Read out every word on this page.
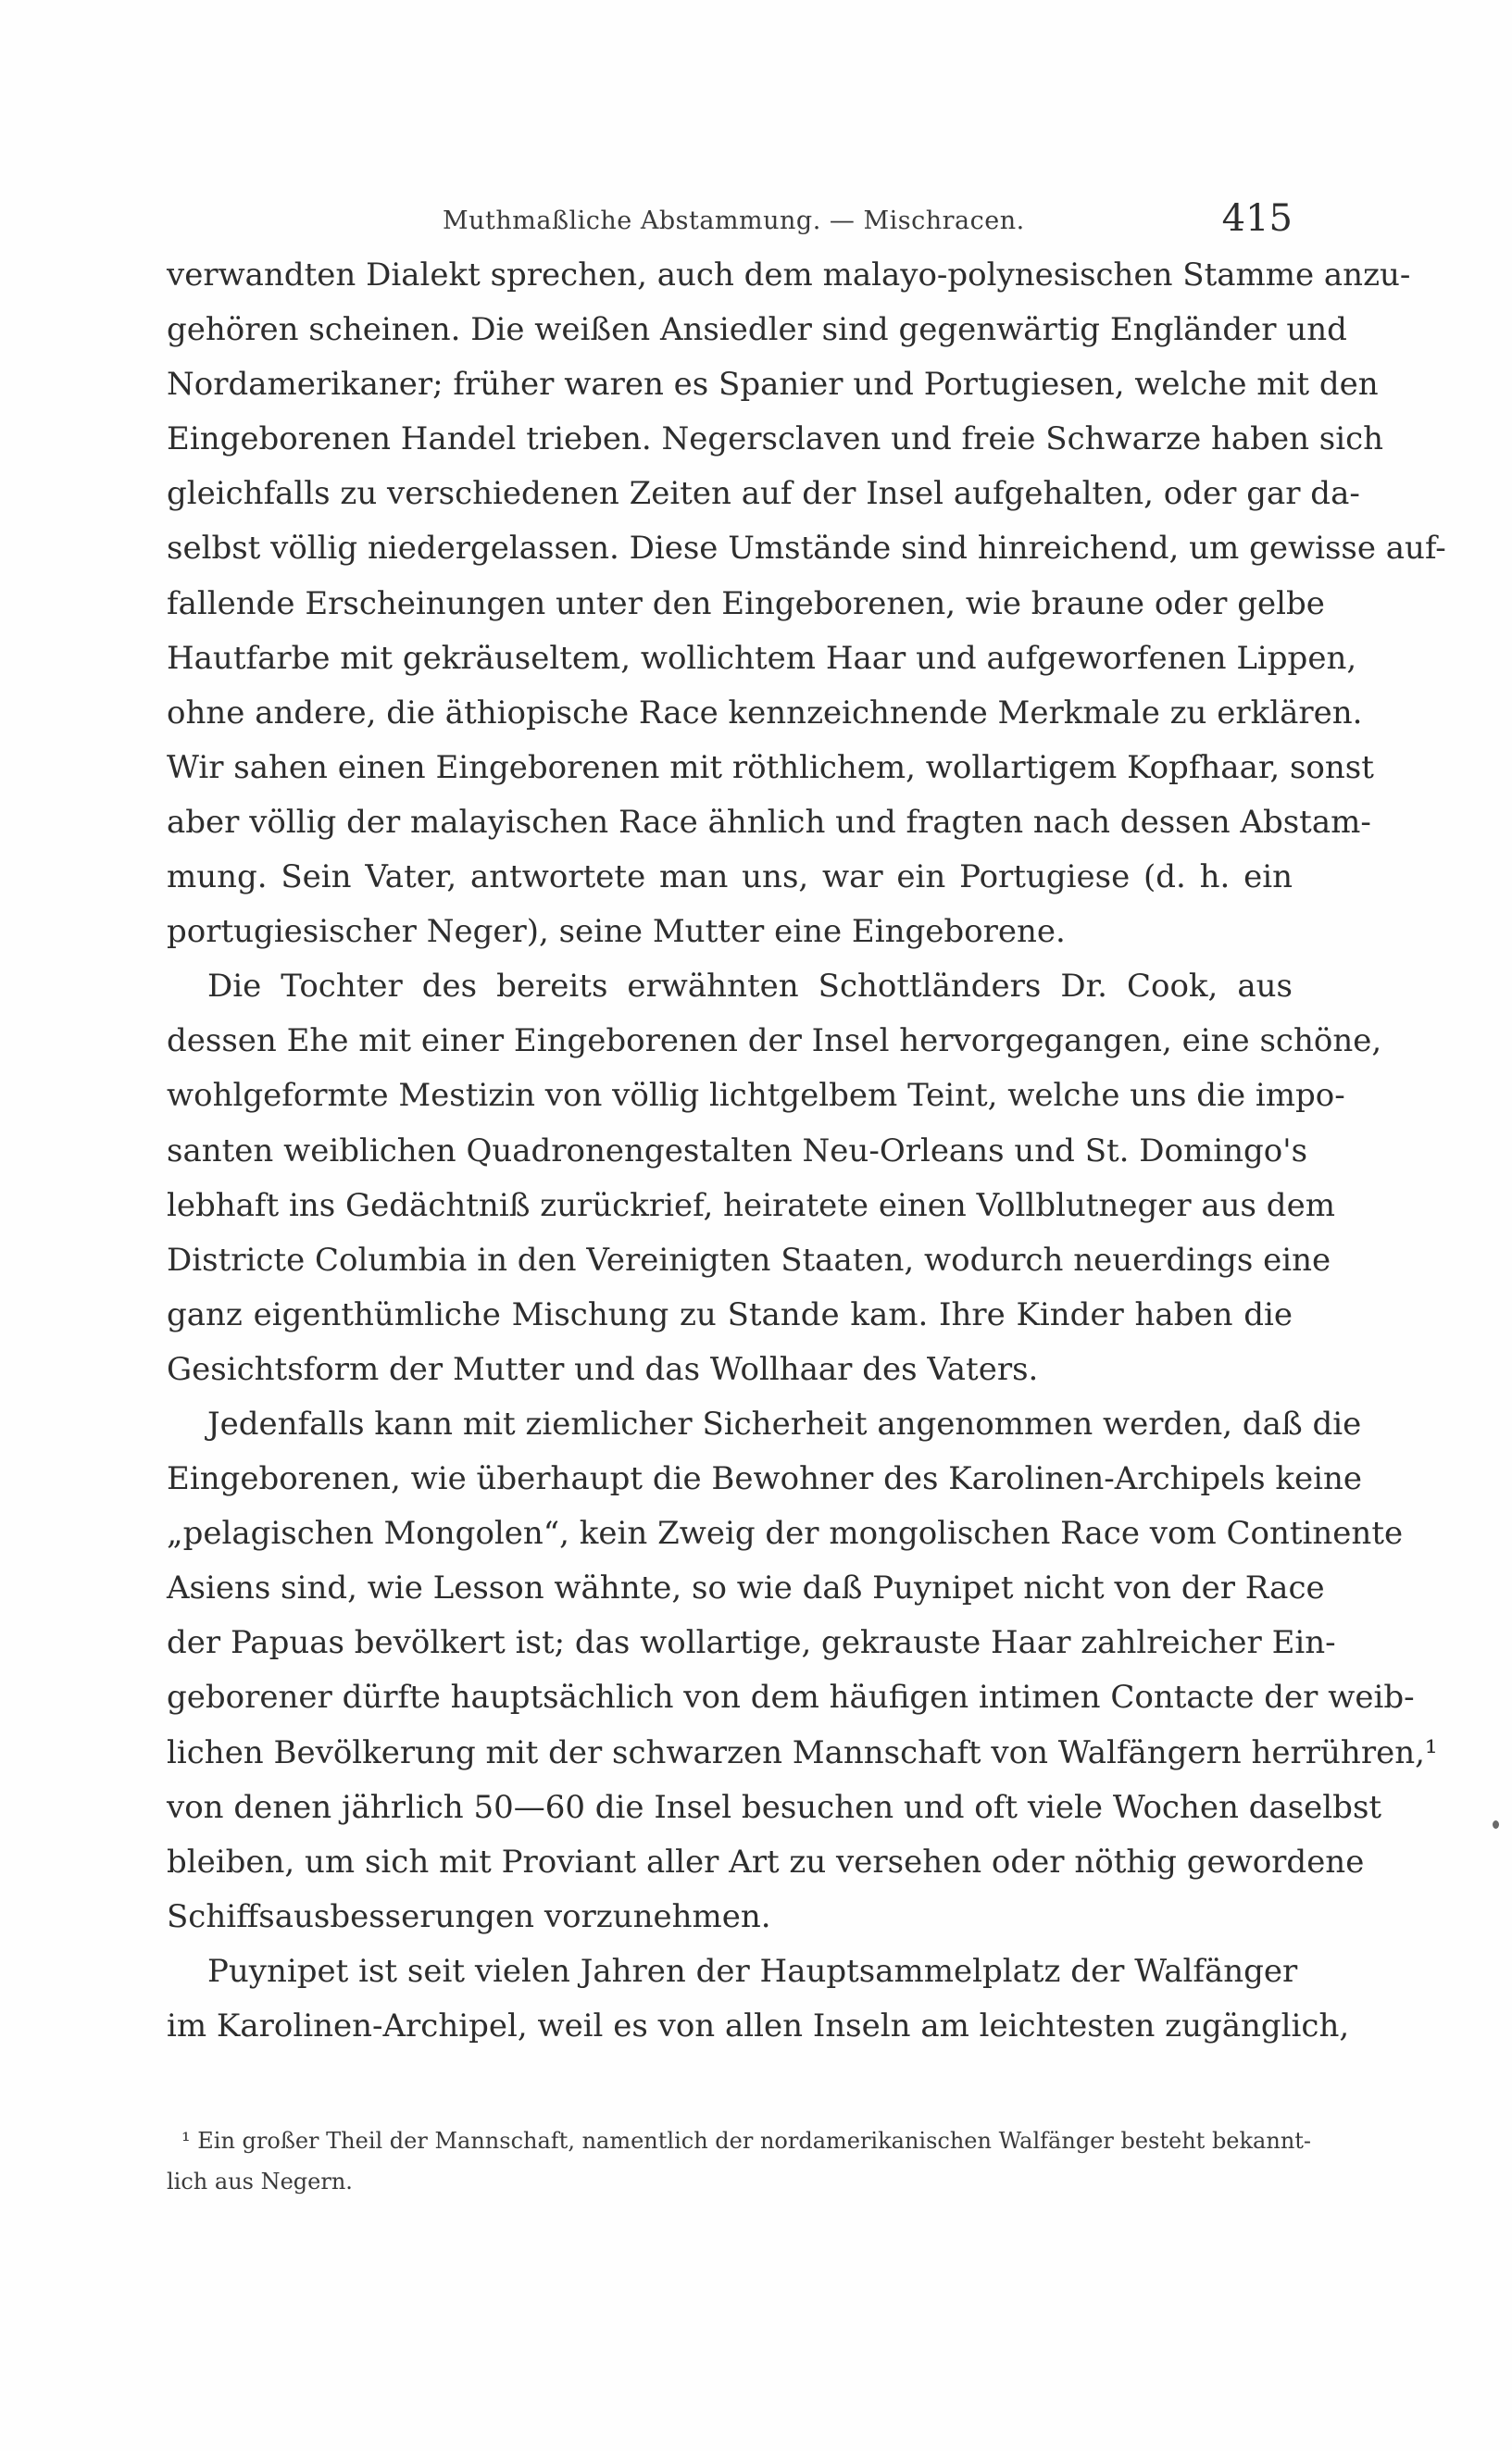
Muthmaßliche Abstammung. — Mischracen.	415
verwandten Dialekt sprechen, auch dem malayo-polynesischen Stamme anzu-
gehören scheinen. Die weißen Ansiedler sind gegenwärtig Engländer und
Nordamerikaner; früher waren es Spanier und Portugiesen, welche mit den
Eingeborenen Handel trieben. Negersclaven und freie Schwarze haben sich
gleichfalls zu verschiedenen Zeiten auf der Insel aufgehalten, oder gar da-
selbst völlig niedergelassen. Diese Umstände sind hinreichend, um gewisse auf-
fallende Erscheinungen unter den Eingeborenen, wie braune oder gelbe
Hautfarbe mit gekräuseltem, wollichtem Haar und aufgeworfenen Lippen,
ohne andere, die äthiopische Race kennzeichnende Merkmale zu erklären.
Wir sahen einen Eingeborenen mit röthlichem, wollartigem Kopfhaar, sonst
aber völlig der malayischen Race ähnlich und fragten nach dessen Abstam-
mung. Sein Vater, antwortete man uns, war ein Portugiese (d. h. ein
portugiesischer Neger), seine Mutter eine Eingeborene.
Die Tochter des bereits erwähnten Schottländers Dr. Cook, aus
dessen Ehe mit einer Eingeborenen der Insel hervorgegangen, eine schöne,
wohlgeformte Mestizin von völlig lichtgelbem Teint, welche uns die impo-
santen weiblichen Quadronengestalten Neu-Orleans und St. Domingo's
lebhaft ins Gedächtniß zurückrief, heiratete einen Vollblutneger aus dem
Districte Columbia in den Vereinigten Staaten, wodurch neuerdings eine
ganz eigenthümliche Mischung zu Stande kam. Ihre Kinder haben die
Gesichtsform der Mutter und das Wollhaar des Vaters.
Jedenfalls kann mit ziemlicher Sicherheit angenommen werden, daß die
Eingeborenen, wie überhaupt die Bewohner des Karolinen-Archipels keine
„pelagischen Mongolen“, kein Zweig der mongolischen Race vom Continente
Asiens sind, wie Lesson wähnte, so wie daß Puynipet nicht von der Race
der Papuas bevölkert ist; das wollartige, gekrauste Haar zahlreicher Ein-
geborener dürfte hauptsächlich von dem häufigen intimen Contacte der weib-
lichen Bevölkerung mit der schwarzen Mannschaft von Walfängern herrühren,¹
von denen jährlich 50—60 die Insel besuchen und oft viele Wochen daselbst
bleiben, um sich mit Proviant aller Art zu versehen oder nöthig gewordene
Schiffsausbesserungen vorzunehmen.
Puynipet ist seit vielen Jahren der Hauptsammelplatz der Walfänger
im Karolinen-Archipel, weil es von allen Inseln am leichtesten zugänglich,
¹ Ein großer Theil der Mannschaft, namentlich der nordamerikanischen Walfänger besteht bekannt-
lich aus Negern.
